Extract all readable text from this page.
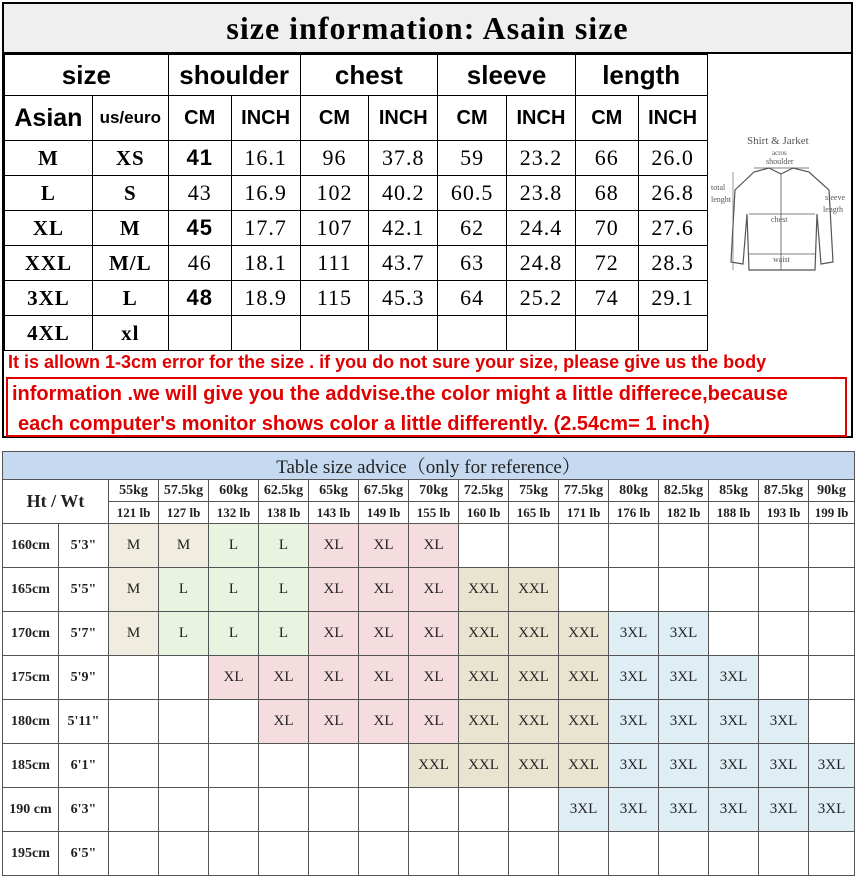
size information: Asain size
size		shoulder		chest		sleeve		length		
Asian	us/euro	CM	INCH	CM	INCH	CM	INCH	CM	INCH	
M	XS	41	16.1	96	37.8	59	23.2	66	26.0	
L	S	43	16.9	102	40.2	60.5	23.8	68	26.8	
XL	M	45	17.7	107	42.1	62	24.4	70	27.6	
XXL	M/L	46	18.1	111	43.7	63	24.8	72	28.3	
3XL	L	48	18.9	115	45.3	64	25.2	74	29.1	
4XL	xl									
Shirt & Jarket
acros
shoulder
total
lenght	sleeve
length
chest
waist
It is allown 1-3cm error for the size . if you do not sure your size, please give us the body
information .we will give you the addvise.the color might a little differece,because
each computer's monitor shows color a little differently. (2.54cm= 1 inch)
Table size advice（only for reference）																
Ht / Wt		55kg	57.5kg	60kg	62.5kg	65kg	67.5kg	70kg	72.5kg	75kg	77.5kg	80kg	82.5kg	85kg	87.5kg	90kg
		121 lb	127 lb	132 lb	138 lb	143 lb	149 lb	155 lb	160 lb	165 lb	171 lb	176 lb	182 lb	188 lb	193 lb	199 lb
160cm	5'3"	M	M	L	L	XL	XL	XL								
165cm	5'5"	M	L	L	L	XL	XL	XL	XXL	XXL						
170cm	5'7"	M	L	L	L	XL	XL	XL	XXL	XXL	XXL	3XL	3XL			
175cm	5'9"			XL	XL	XL	XL	XL	XXL	XXL	XXL	3XL	3XL	3XL		
180cm	5'11"				XL	XL	XL	XL	XXL	XXL	XXL	3XL	3XL	3XL	3XL	
185cm	6'1"							XXL	XXL	XXL	XXL	3XL	3XL	3XL	3XL	3XL
190 cm	6'3"										3XL	3XL	3XL	3XL	3XL	3XL
195cm	6'5"															
